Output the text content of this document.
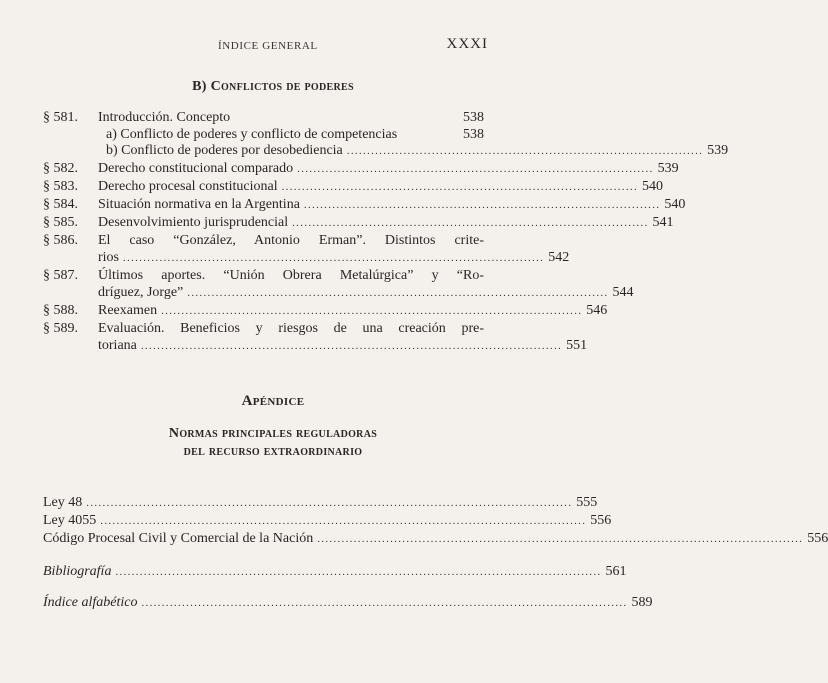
ÍNDICE GENERAL	XXXI
B) Conflictos de poderes
§ 581. Introducción. Concepto	538
a) Conflicto de poderes y conflicto de competencias	538
b) Conflicto de poderes por desobediencia ........................................................................................ 539
§ 582. Derecho constitucional comparado ........................................................................................ 539
§ 583. Derecho procesal constitucional ........................................................................................ 540
§ 584. Situación normativa en la Argentina ........................................................................................ 540
§ 585. Desenvolvimiento jurisprudencial ........................................................................................ 541
§ 586. El caso “González, Antonio Erman”. Distintos crite-
rios ........................................................................................................ 542
§ 587. Últimos aportes. “Unión Obrera Metalúrgica” y “Ro-
dríguez, Jorge” ........................................................................................................ 544
§ 588. Reexamen ........................................................................................................ 546
§ 589. Evaluación. Beneficios y riesgos de una creación pre-
toriana ........................................................................................................ 551
Apéndice
Normas principales reguladoras
del recurso extraordinario
Ley 48 ........................................................................................................................ 555
Ley 4055 ........................................................................................................................ 556
Código Procesal Civil y Comercial de la Nación ........................................................................................................................ 556
Bibliografía ........................................................................................................................ 561
Índice alfabético ........................................................................................................................ 589
